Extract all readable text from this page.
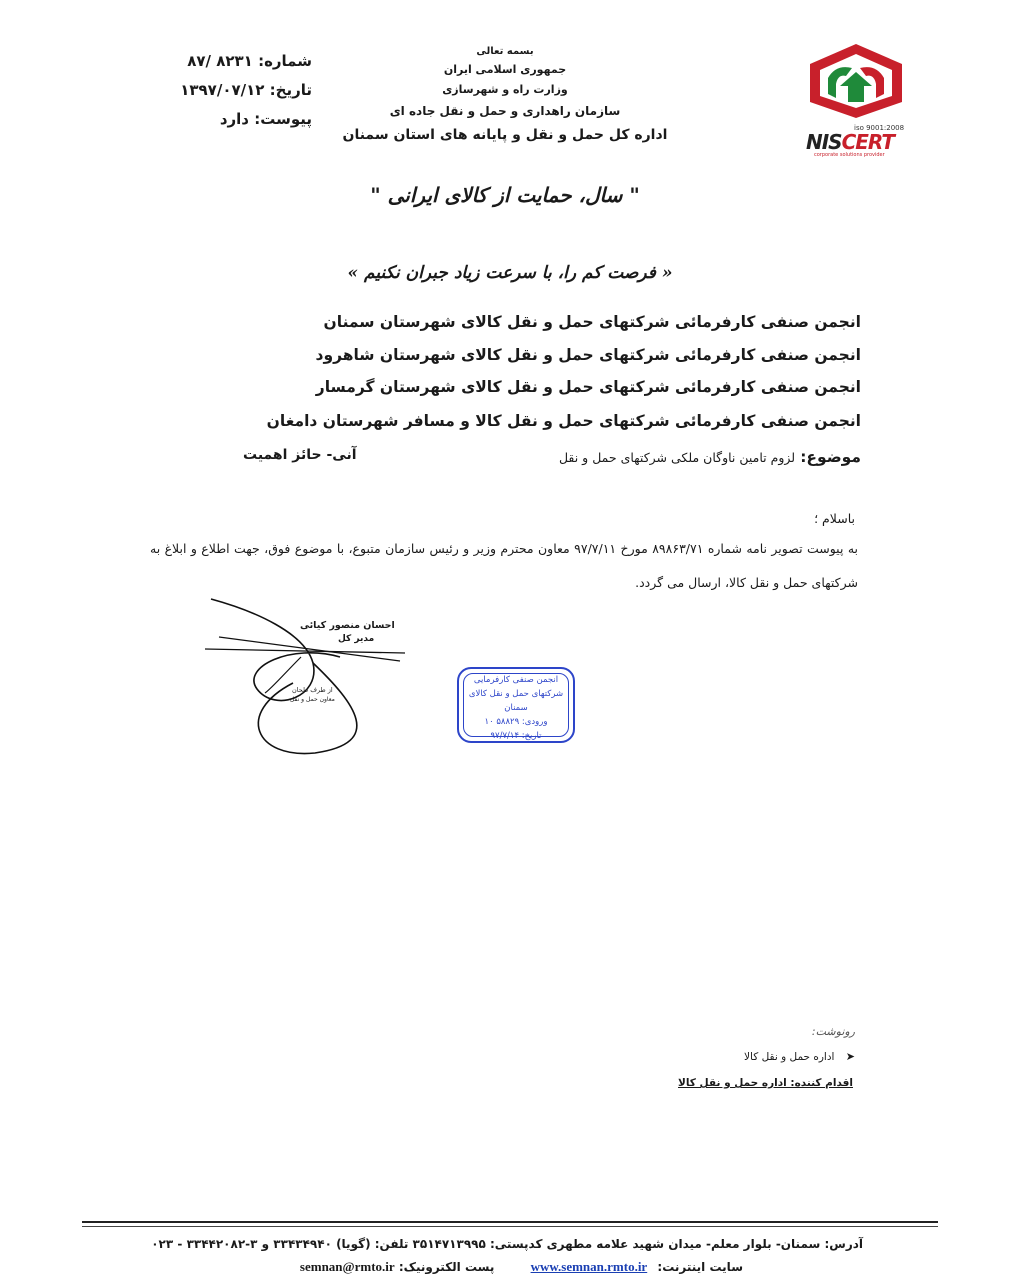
شماره: ۸۲۳۱ /۸۷
تاریخ: ۱۳۹۷/۰۷/۱۲
پیوست: دارد
بسمه تعالی
جمهوری اسلامی ایران
وزارت راه و شهرسازی
سازمان راهداری و حمل و نقل جاده ای
اداره کل حمل و نقل و پایانه های استان سمنان	iso 9001:2008
NISCERT
corporate solutions provider
" سال، حمایت از کالای ایرانی "
« فرصت کم را، با سرعت زیاد جبران نکنیم »
انجمن صنفی کارفرمائی شرکتهای حمل و نقل کالای شهرستان سمنان
انجمن صنفی کارفرمائی شرکتهای حمل و نقل کالای شهرستان شاهرود
انجمن صنفی کارفرمائی شرکتهای حمل و نقل کالای شهرستان گرمسار
انجمن صنفی کارفرمائی شرکتهای حمل و نقل کالا و مسافر شهرستان دامغان
موضوع: لزوم تامین ناوگان ملکی شرکتهای حمل و نقل
آنی- حائز اهمیت
باسلام ؛
به پیوست تصویر نامه شماره ۸۹۸۶۳/۷۱ مورخ ۹۷/۷/۱۱ معاون محترم وزیر و رئیس سازمان متبوع، با موضوع فوق، جهت اطلاع و ابلاغ به شرکتهای حمل و نقل کالا، ارسال می گردد.
احسان منصور کیائی
مدیر کل
از طرف طحان
معاون حمل و نقل
انجمن صنفی کارفرمایی
شرکتهای حمل و نقل کالای سمنان
ورودی: ۵۸۸۲۹ ۱۰
تاریخ: ۹۷/۷/۱۴
رونوشت:
➤ اداره حمل و نقل کالا
اقدام کننده: اداره حمل و نقل کالا
آدرس: سمنان- بلوار معلم- میدان شهید علامه مطهری کدپستی: ۳۵۱۴۷۱۳۹۹۵ تلفن: (گویا) ۳۳۴۳۴۹۴۰ و ۳-۳۳۴۴۲۰۸۲ - ۰۲۳
سایت اینترنت: www.semnan.rmto.ir پست الکترونیک: semnan@rmto.ir
